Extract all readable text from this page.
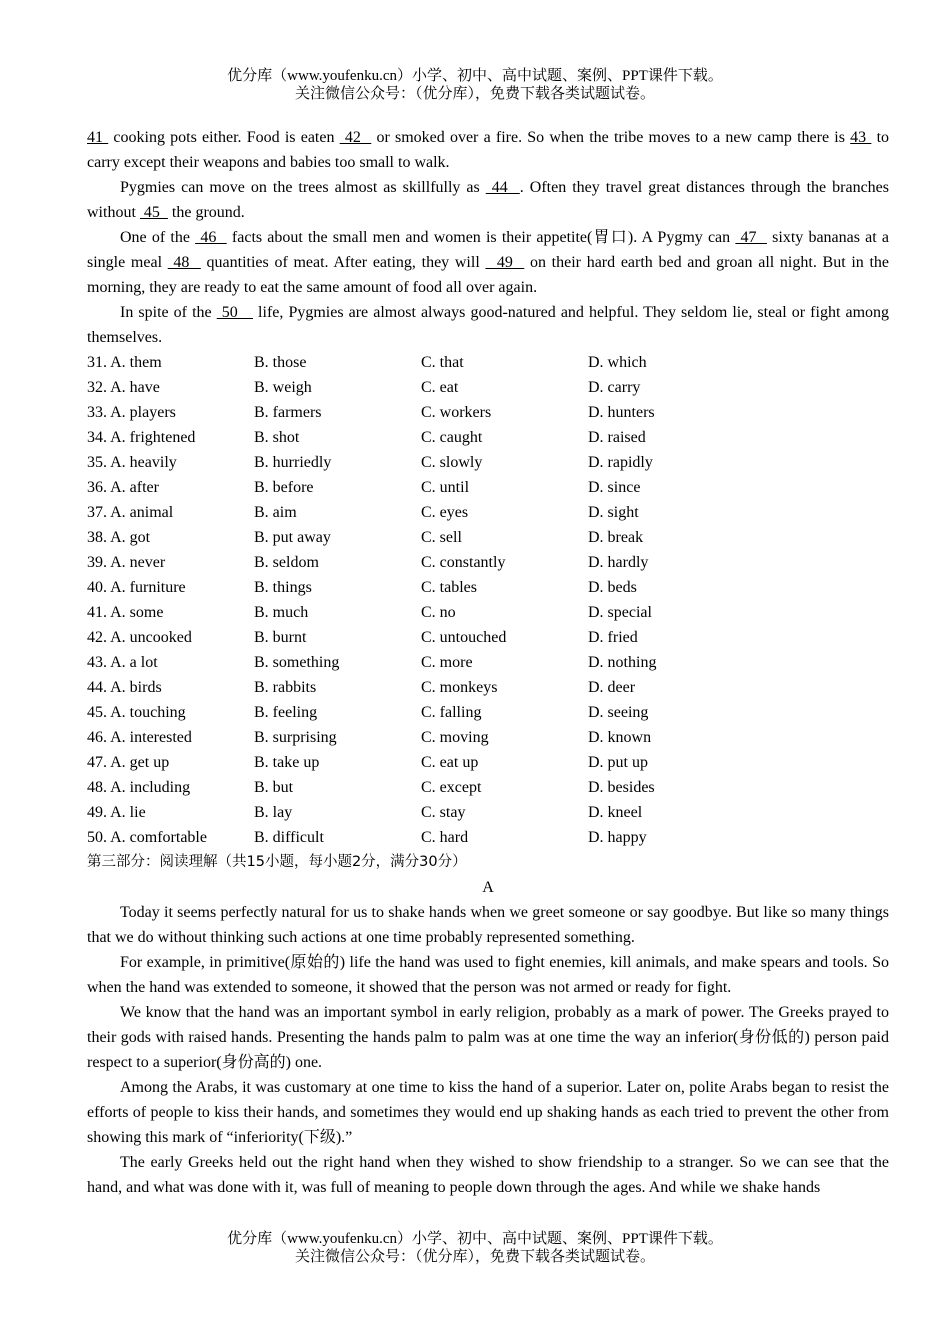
优分库（www.youfenku.cn）小学、初中、高中试题、案例、PPT课件下载。
关注微信公众号：（优分库），免费下载各类试题试卷。

41  cooking pots either. Food is eaten  42   or smoked over a fire. So when the tribe moves to a new camp there is 43  to carry except their weapons and babies too small to walk.

Pygmies can move on the trees almost as skillfully as  44  . Often they travel great distances through the branches without  45   the ground.

One of the  46   facts about the small men and women is their appetite(胃口). A Pygmy can  47   sixty bananas at a single meal  48   quantities of meat. After eating, they will   49   on their hard earth bed and groan all night. But in the morning, they are ready to eat the same amount of food all over again.

In spite of the  50    life, Pygmies are almost always good-natured and helpful. They seldom lie, steal or fight among themselves.

31. A. them	B. those	C. that	D. which
32. A. have	B. weigh	C. eat	D. carry
33. A. players	B. farmers	C. workers	D. hunters
34. A. frightened	B. shot	C. caught	D. raised
35. A. heavily	B. hurriedly	C. slowly	D. rapidly
36. A. after	B. before	C. until	D. since
37. A. animal	B. aim	C. eyes	D. sight
38. A. got	B. put away	C. sell	D. break
39. A. never	B. seldom	C. constantly	D. hardly
40. A. furniture	B. things	C. tables	D. beds
41. A. some	B. much	C. no	D. special
42. A. uncooked	B. burnt	C. untouched	D. fried
43. A. a lot	B. something	C. more	D. nothing
44. A. birds	B. rabbits	C. monkeys	D. deer
45. A. touching	B. feeling	C. falling	D. seeing
46. A. interested	B. surprising	C. moving	D. known
47. A. get up	B. take up	C. eat up	D. put up
48. A. including	B. but	C. except	D. besides
49. A. lie	B. lay	C. stay	D. kneel
50. A. comfortable	B. difficult	C. hard	D. happy

第三部分：阅读理解（共15小题，每小题2分，满分30分）

A

Today it seems perfectly natural for us to shake hands when we greet someone or say goodbye. But like so many things that we do without thinking such actions at one time probably represented something.

For example, in primitive(原始的) life the hand was used to fight enemies, kill animals, and make spears and tools. So when the hand was extended to someone, it showed that the person was not armed or ready for fight.

We know that the hand was an important symbol in early religion, probably as a mark of power. The Greeks prayed to their gods with raised hands. Presenting the hands palm to palm was at one time the way an inferior(身份低的) person paid respect to a superior(身份高的) one.

Among the Arabs, it was customary at one time to kiss the hand of a superior. Later on, polite Arabs began to resist the efforts of people to kiss their hands, and sometimes they would end up shaking hands as each tried to prevent the other from showing this mark of “inferiority(下级).”

The early Greeks held out the right hand when they wished to show friendship to a stranger. So we can see that the hand, and what was done with it, was full of meaning to people down through the ages. And while we shake hands

优分库（www.youfenku.cn）小学、初中、高中试题、案例、PPT课件下载。
关注微信公众号：（优分库），免费下载各类试题试卷。
